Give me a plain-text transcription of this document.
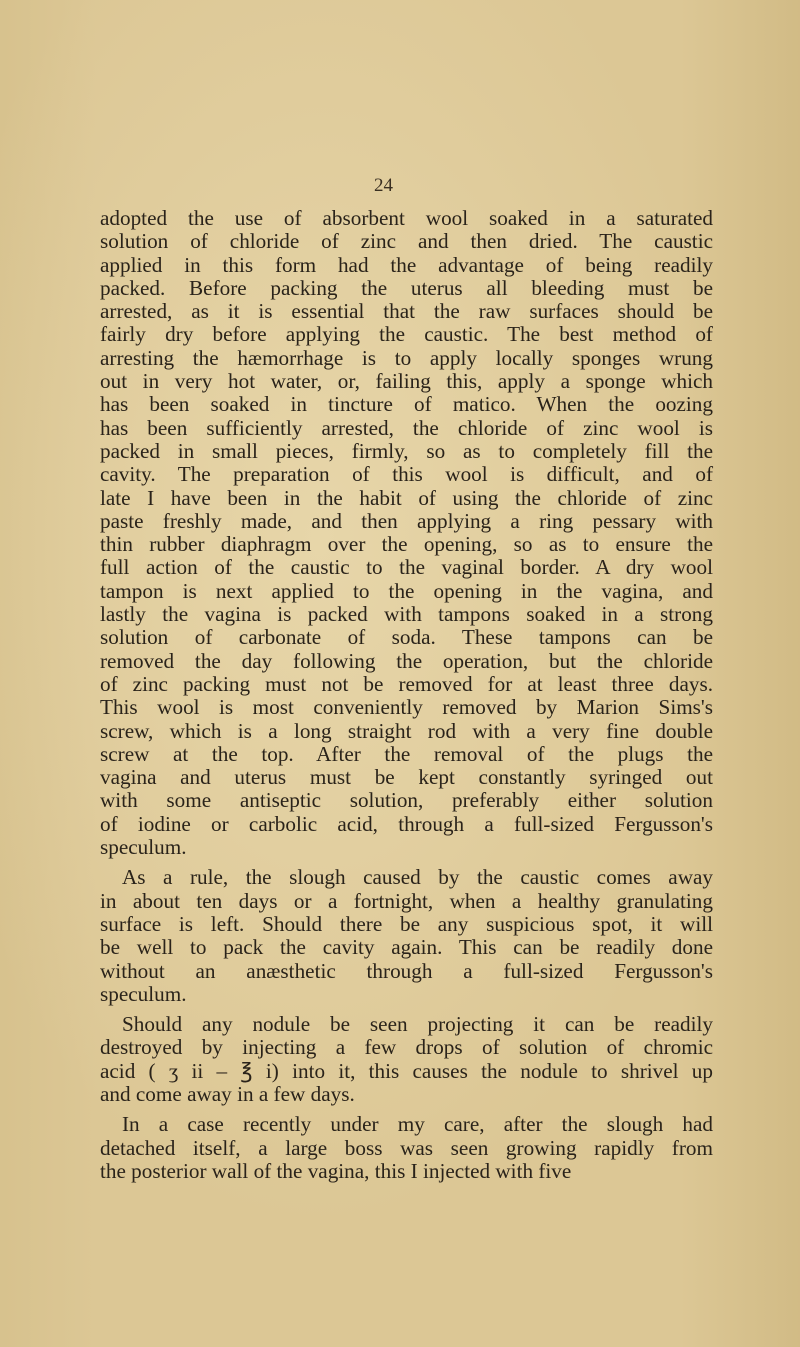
24
adopted the use of absorbent wool soaked in a saturated
solution of chloride of zinc and then dried. The caustic
applied in this form had the advantage of being readily
packed. Before packing the uterus all bleeding must be
arrested, as it is essential that the raw surfaces should be
fairly dry before applying the caustic. The best method of
arresting the hæmorrhage is to apply locally sponges wrung
out in very hot water, or, failing this, apply a sponge which
has been soaked in tincture of matico. When the oozing
has been sufficiently arrested, the chloride of zinc wool is
packed in small pieces, firmly, so as to completely fill the
cavity. The preparation of this wool is difficult, and of
late I have been in the habit of using the chloride of zinc
paste freshly made, and then applying a ring pessary with
thin rubber diaphragm over the opening, so as to ensure the
full action of the caustic to the vaginal border. A dry wool
tampon is next applied to the opening in the vagina, and
lastly the vagina is packed with tampons soaked in a strong
solution of carbonate of soda. These tampons can be
removed the day following the operation, but the chloride
of zinc packing must not be removed for at least three days.
This wool is most conveniently removed by Marion Sims's
screw, which is a long straight rod with a very fine double
screw at the top. After the removal of the plugs the
vagina and uterus must be kept constantly syringed out
with some antiseptic solution, preferably either solution
of iodine or carbolic acid, through a full-sized Fergusson's
speculum.
As a rule, the slough caused by the caustic comes away
in about ten days or a fortnight, when a healthy granulating
surface is left. Should there be any suspicious spot, it will
be well to pack the cavity again. This can be readily done
without an anæsthetic through a full-sized Fergusson's
speculum.
Should any nodule be seen projecting it can be readily
destroyed by injecting a few drops of solution of chromic
acid ( ʒ ii – ℥ i) into it, this causes the nodule to shrivel up
and come away in a few days.
In a case recently under my care, after the slough had
detached itself, a large boss was seen growing rapidly from
the posterior wall of the vagina, this I injected with five
